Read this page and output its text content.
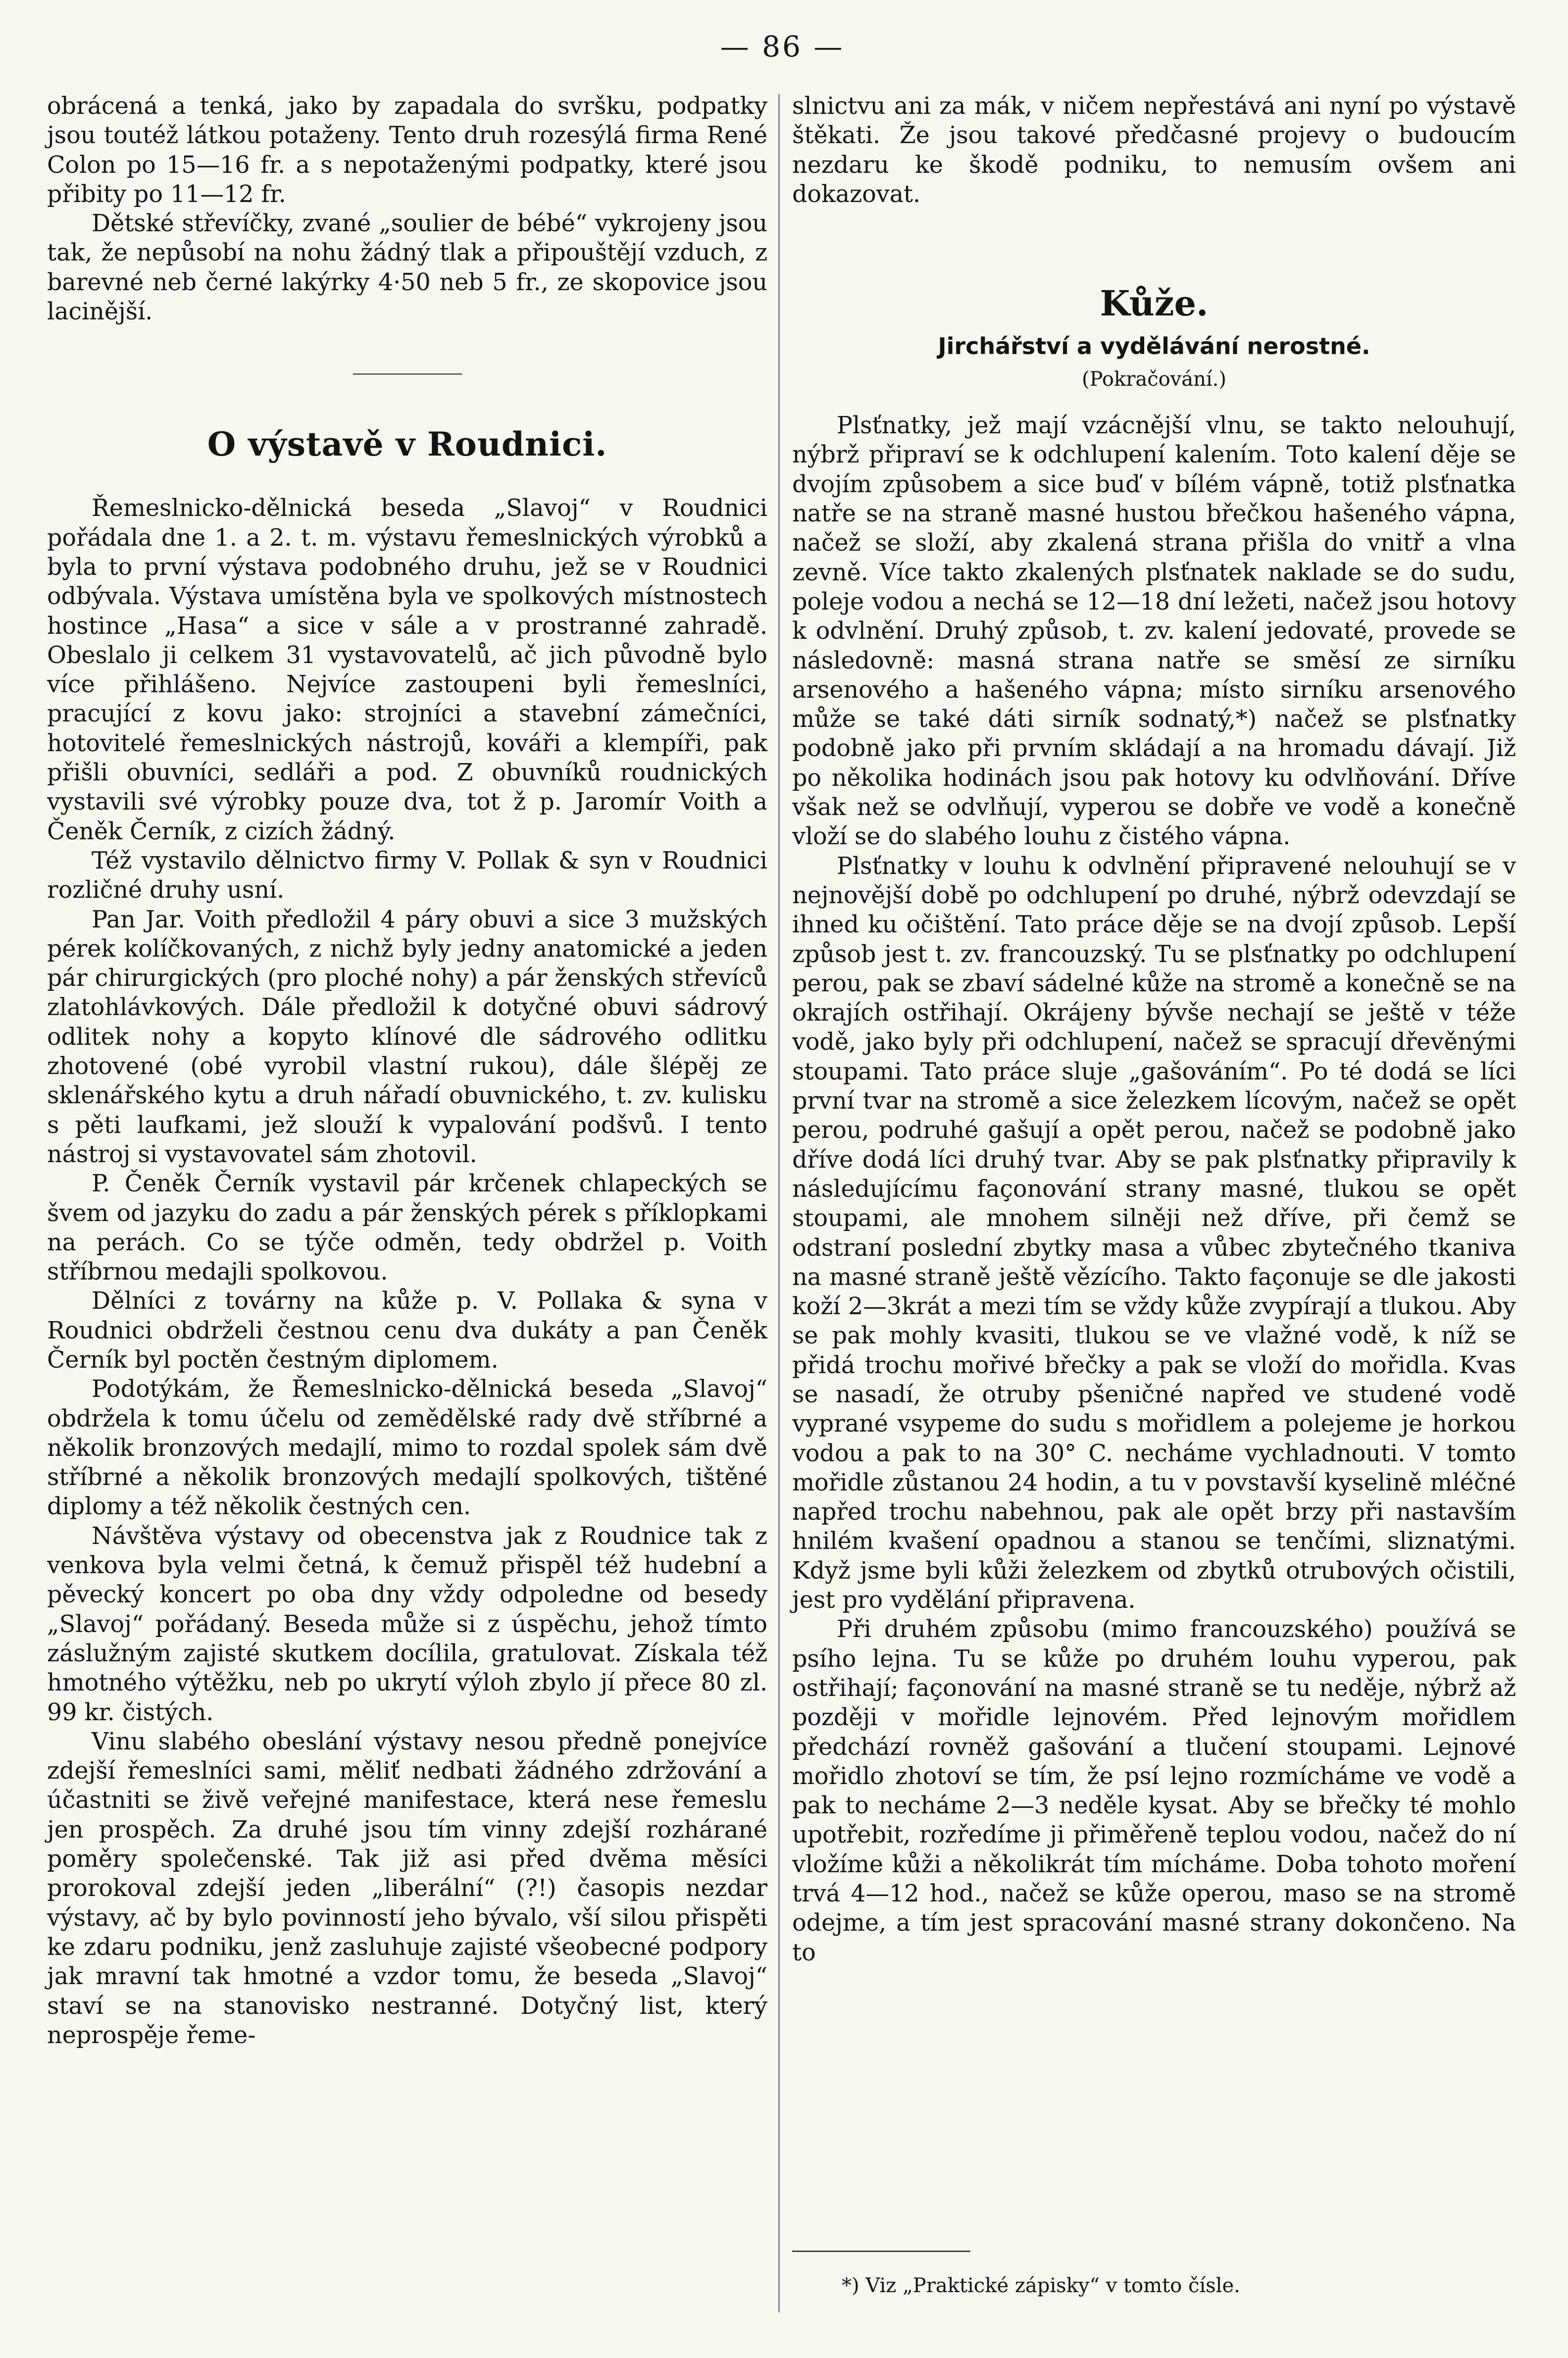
— 86 —

obrácená a tenká, jako by zapadala do svršku, podpatky jsou toutéž látkou potaženy. Tento druh rozesýlá firma René Colon po 15—16 fr. a s nepotaženými podpatky, které jsou přibity po 11—12 fr.

Dětské střevíčky, zvané „soulier de bébé“ vykrojeny jsou tak, že nepůsobí na nohu žádný tlak a připouštějí vzduch, z barevné neb černé lakýrky 4·50 neb 5 fr., ze skopovice jsou lacinější.

O výstavě v Roudnici.

Řemeslnicko-dělnická beseda „Slavoj“ v Roudnici pořádala dne 1. a 2. t. m. výstavu řemeslnických výrobků a byla to první výstava podobného druhu, jež se v Roudnici odbývala. Výstava umístěna byla ve spolkových místnostech hostince „Hasa“ a sice v sále a v prostranné zahradě. Obeslalo ji celkem 31 vystavovatelů, ač jich původně bylo více přihlášeno. Nejvíce zastoupeni byli řemeslníci, pracující z kovu jako: strojníci a stavební zámečníci, hotovitelé řemeslnických nástrojů, kováři a klempíři, pak přišli obuvníci, sedláři a pod. Z obuvníků roudnických vystavili své výrobky pouze dva, tot ž p. Jaromír Voith a Čeněk Černík, z cizích žádný.

Též vystavilo dělnictvo firmy V. Pollak & syn v Roudnici rozličné druhy usní.

Pan Jar. Voith předložil 4 páry obuvi a sice 3 mužských pérek kolíčkovaných, z nichž byly jedny anatomické a jeden pár chirurgických (pro ploché nohy) a pár ženských střevíců zlatohlávkových. Dále předložil k dotyčné obuvi sádrový odlitek nohy a kopyto klínové dle sádrového odlitku zhotovené (obé vyrobil vlastní rukou), dále šlépěj ze sklenářského kytu a druh nářadí obuvnického, t. zv. kulisku s pěti laufkami, jež slouží k vypalování podšvů. I tento nástroj si vystavovatel sám zhotovil.

P. Čeněk Černík vystavil pár krčenek chlapeckých se švem od jazyku do zadu a pár ženských pérek s příklopkami na perách. Co se týče odměn, tedy obdržel p. Voith stříbrnou medajli spolkovou.

Dělníci z továrny na kůže p. V. Pollaka & syna v Roudnici obdrželi čestnou cenu dva dukáty a pan Čeněk Černík byl poctěn čestným diplomem.

Podotýkám, že Řemeslnicko-dělnická beseda „Slavoj“ obdržela k tomu účelu od zemědělské rady dvě stříbrné a několik bronzových medajlí, mimo to rozdal spolek sám dvě stříbrné a několik bronzových medajlí spolkových, tištěné diplomy a též několik čestných cen.

Návštěva výstavy od obecenstva jak z Roudnice tak z venkova byla velmi četná, k čemuž přispěl též hudební a pěvecký koncert po oba dny vždy odpoledne od besedy „Slavoj“ pořádaný. Beseda může si z úspěchu, jehož tímto záslužným zajisté skutkem docílila, gratulovat. Získala též hmotného výtěžku, neb po ukrytí výloh zbylo jí přece 80 zl. 99 kr. čistých.

Vinu slabého obeslání výstavy nesou předně ponejvíce zdejší řemeslníci sami, měliť nedbati žádného zdržování a účastniti se živě veřejné manifestace, která nese řemeslu jen prospěch. Za druhé jsou tím vinny zdejší rozhárané poměry společenské. Tak již asi před dvěma měsíci prorokoval zdejší jeden „liberální“ (?!) časopis nezdar výstavy, ač by bylo povinností jeho bývalo, vší silou přispěti ke zdaru podniku, jenž zasluhuje zajisté všeobecné podpory jak mravní tak hmotné a vzdor tomu, že beseda „Slavoj“ staví se na stanovisko nestranné. Dotyčný list, který neprospěje řeme-

slnictvu ani za mák, v ničem nepřestává ani nyní po výstavě štěkati. Že jsou takové předčasné projevy o budoucím nezdaru ke škodě podniku, to nemusím ovšem ani dokazovat.

Kůže.
Jirchářství a vydělávání nerostné.
(Pokračování.)

Plsťnatky, jež mají vzácnější vlnu, se takto nelouhují, nýbrž připraví se k odchlupení kalením. Toto kalení děje se dvojím způsobem a sice buď v bílém vápně, totiž plsťnatka natře se na straně masné hustou břečkou hašeného vápna, načež se složí, aby zkalená strana přišla do vnitř a vlna zevně. Více takto zkalených plsťnatek naklade se do sudu, poleje vodou a nechá se 12—18 dní ležeti, načež jsou hotovy k odvlnění. Druhý způsob, t. zv. kalení jedovaté, provede se následovně: masná strana natře se směsí ze sirníku arsenového a hašeného vápna; místo sirníku arsenového může se také dáti sirník sodnatý,*) načež se plsťnatky podobně jako při prvním skládají a na hromadu dávají. Již po několika hodinách jsou pak hotovy ku odvlňování. Dříve však než se odvlňují, vyperou se dobře ve vodě a konečně vloží se do slabého louhu z čistého vápna.

Plsťnatky v louhu k odvlnění připravené nelouhují se v nejnovější době po odchlupení po druhé, nýbrž odevzdají se ihned ku očištění. Tato práce děje se na dvojí způsob. Lepší způsob jest t. zv. francouzský. Tu se plsťnatky po odchlupení perou, pak se zbaví sádelné kůže na stromě a konečně se na okrajích ostřihají. Okrájeny bývše nechají se ještě v téže vodě, jako byly při odchlupení, načež se spracují dřevěnými stoupami. Tato práce sluje „gašováním“. Po té dodá se líci první tvar na stromě a sice železkem lícovým, načež se opět perou, podruhé gašují a opět perou, načež se podobně jako dříve dodá líci druhý tvar. Aby se pak plsťnatky připravily k následujícímu façonování strany masné, tlukou se opět stoupami, ale mnohem silněji než dříve, při čemž se odstraní poslední zbytky masa a vůbec zbytečného tkaniva na masné straně ještě vězícího. Takto façonuje se dle jakosti koží 2—3krát a mezi tím se vždy kůže zvypírají a tlukou. Aby se pak mohly kvasiti, tlukou se ve vlažné vodě, k níž se přidá trochu mořivé břečky a pak se vloží do mořidla. Kvas se nasadí, že otruby pšeničné napřed ve studené vodě vyprané vsypeme do sudu s mořidlem a polejeme je horkou vodou a pak to na 30° C. necháme vychladnouti. V tomto mořidle zůstanou 24 hodin, a tu v povstavší kyselině mléčné napřed trochu nabehnou, pak ale opět brzy při nastavším hnilém kvašení opadnou a stanou se tenčími, sliznatými. Když jsme byli kůži železkem od zbytků otrubových očistili, jest pro vydělání připravena.

Při druhém způsobu (mimo francouzského) používá se psího lejna. Tu se kůže po druhém louhu vyperou, pak ostřihají; façonování na masné straně se tu neděje, nýbrž až později v mořidle lejnovém. Před lejnovým mořidlem předchází rovněž gašování a tlučení stoupami. Lejnové mořidlo zhotoví se tím, že psí lejno rozmícháme ve vodě a pak to necháme 2—3 neděle kysat. Aby se břečky té mohlo upotřebit, rozředíme ji přiměřeně teplou vodou, načež do ní vložíme kůži a několikrát tím mícháme. Doba tohoto moření trvá 4—12 hod., načež se kůže operou, maso se na stromě odejme, a tím jest spracování masné strany dokončeno. Na to

*) Viz „Praktické zápisky“ v tomto čísle.
